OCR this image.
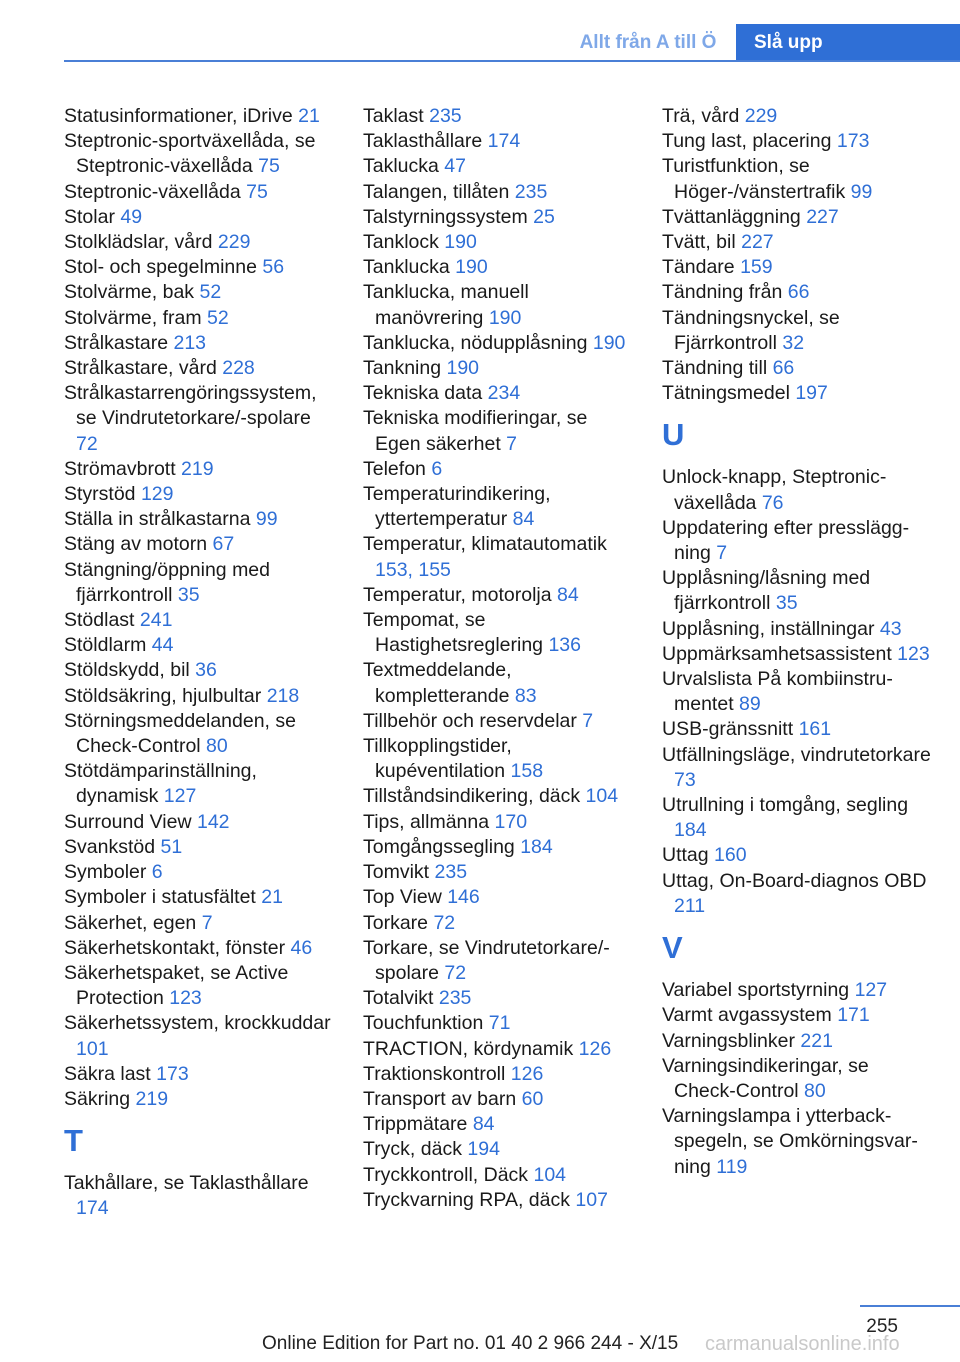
Allt från A till Ö	Slå upp
Statusinformationer, iDrive 21
Steptronic-sportväxellåda, se Steptronic-växellåda 75
Steptronic-växellåda 75
Stolar 49
Stolklädslar, vård 229
Stol- och spegelminne 56
Stolvärme, bak 52
Stolvärme, fram 52
Strålkastare 213
Strålkastare, vård 228
Strålkastarrengöringssystem, se Vindrutetorkare/-spolare 72
Strömavbrott 219
Styrstöd 129
Ställa in strålkastarna 99
Stäng av motorn 67
Stängning/öppning med fjärrkontroll 35
Stödlast 241
Stöldlarm 44
Stöldskydd, bil 36
Stöldsäkring, hjulbultar 218
Störningsmeddelanden, se Check-Control 80
Stötdämparinställning, dynamisk 127
Surround View 142
Svankstöd 51
Symboler 6
Symboler i statusfältet 21
Säkerhet, egen 7
Säkerhetskontakt, fönster 46
Säkerhetspaket, se Active Protection 123
Säkerhetssystem, krockkuddar 101
Säkra last 173
Säkring 219
T
Takhållare, se Taklasthållare 174
Taklast 235
Taklasthållare 174
Taklucka 47
Talangen, tillåten 235
Talstyrningssystem 25
Tanklock 190
Tanklucka 190
Tanklucka, manuell manövrering 190
Tanklucka, nödupplåsning 190
Tankning 190
Tekniska data 234
Tekniska modifieringar, se Egen säkerhet 7
Telefon 6
Temperaturindikering, yttertemperatur 84
Temperatur, klimatautomatik 153, 155
Temperatur, motorolja 84
Tempomat, se Hastighetsreglering 136
Textmeddelande, kompletterande 83
Tillbehör och reservdelar 7
Tillkopplingstider, kupéventilation 158
Tillståndsindikering, däck 104
Tips, allmänna 170
Tomgångssegling 184
Tomvikt 235
Top View 146
Torkare 72
Torkare, se Vindrutetorkare/-spolare 72
Totalvikt 235
Touchfunktion 71
TRACTION, kördynamik 126
Traktionskontroll 126
Transport av barn 60
Trippmätare 84
Tryck, däck 194
Tryckkontroll, Däck 104
Tryckvarning RPA, däck 107
Trä, vård 229
Tung last, placering 173
Turistfunktion, se Höger-/vänstertrafik 99
Tvättanläggning 227
Tvätt, bil 227
Tändare 159
Tändning från 66
Tändningsnyckel, se Fjärrkontroll 32
Tändning till 66
Tätningsmedel 197
U
Unlock-knapp, Steptronic-växellåda 76
Uppdatering efter pressläggning 7
Upplåsning/låsning med fjärrkontroll 35
Upplåsning, inställningar 43
Uppmärksamhetsassistent 123
Urvalslista På kombiinstrumentet 89
USB-gränssnitt 161
Utfällningsläge, vindrutetorkare 73
Utrullning i tomgång, segling 184
Uttag 160
Uttag, On-Board-diagnos OBD 211
V
Variabel sportstyrning 127
Varmt avgassystem 171
Varningsblinker 221
Varningsindikeringar, se Check-Control 80
Varningslampa i ytterbackspegeln, se Omkörningsvarning 119
255
Online Edition for Part no. 01 40 2 966 244 - X/15 carmanualsonline.info
